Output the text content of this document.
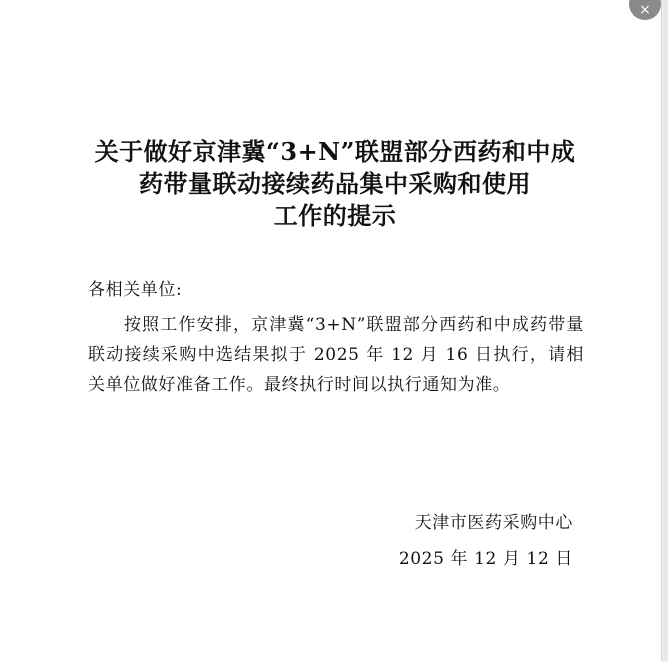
关于做好京津冀“3+N”联盟部分西药和中成
药带量联动接续药品集中采购和使用
工作的提示
各相关单位:
按照工作安排，京津冀“3+N”联盟部分西药和中成药带量联动接续采购中选结果拟于 2025 年 12 月 16 日执行，请相关单位做好准备工作。最终执行时间以执行通知为准。
天津市医药采购中心
2025 年 12 月 12 日
×
